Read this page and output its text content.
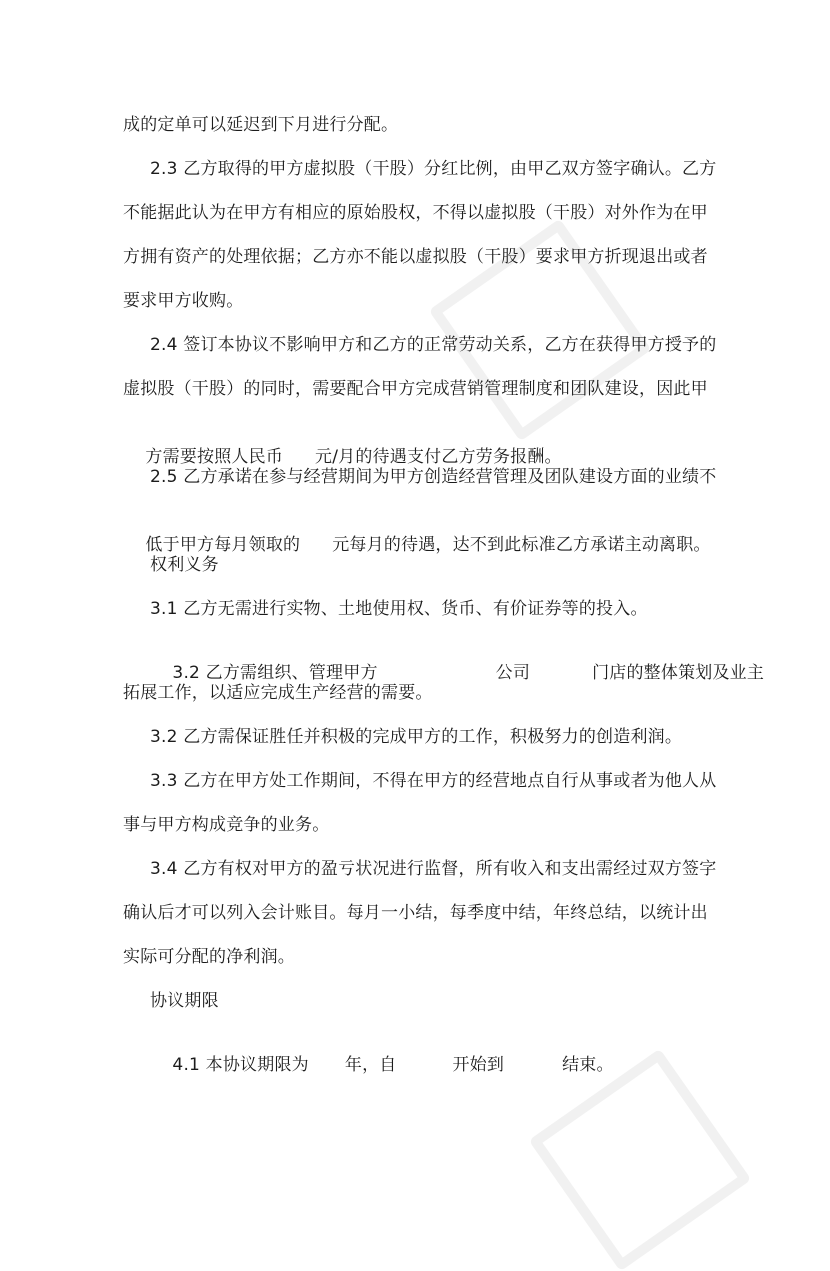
成的定单可以延迟到下月进行分配。
2.3 乙方取得的甲方虚拟股（干股）分红比例，由甲乙双方签字确认。乙方
不能据此认为在甲方有相应的原始股权，不得以虚拟股（干股）对外作为在甲
方拥有资产的处理依据；乙方亦不能以虚拟股（干股）要求甲方折现退出或者
要求甲方收购。
2.4 签订本协议不影响甲方和乙方的正常劳动关系，乙方在获得甲方授予的
虚拟股（干股）的同时，需要配合甲方完成营销管理制度和团队建设，因此甲

方需要按照人民币 元/月的待遇支付乙方劳务报酬。

2.5 乙方承诺在参与经营期间为甲方创造经营管理及团队建设方面的业绩不

低于甲方每月领取的 元每月的待遇，达不到此标准乙方承诺主动离职。

权利义务
3.1 乙方无需进行实物、土地使用权、货币、有价证券等的投入。

3.2 乙方需组织、管理甲方	公司	门店的整体策划及业主

拓展工作，以适应完成生产经营的需要。
3.2 乙方需保证胜任并积极的完成甲方的工作，积极努力的创造利润。
3.3 乙方在甲方处工作期间，不得在甲方的经营地点自行从事或者为他人从
事与甲方构成竞争的业务。
3.4 乙方有权对甲方的盈亏状况进行监督，所有收入和支出需经过双方签字
确认后才可以列入会计账目。每月一小结，每季度中结，年终总结，以统计出
实际可分配的净利润。
协议期限

4.1 本协议期限为 年，自	开始到	结束。
